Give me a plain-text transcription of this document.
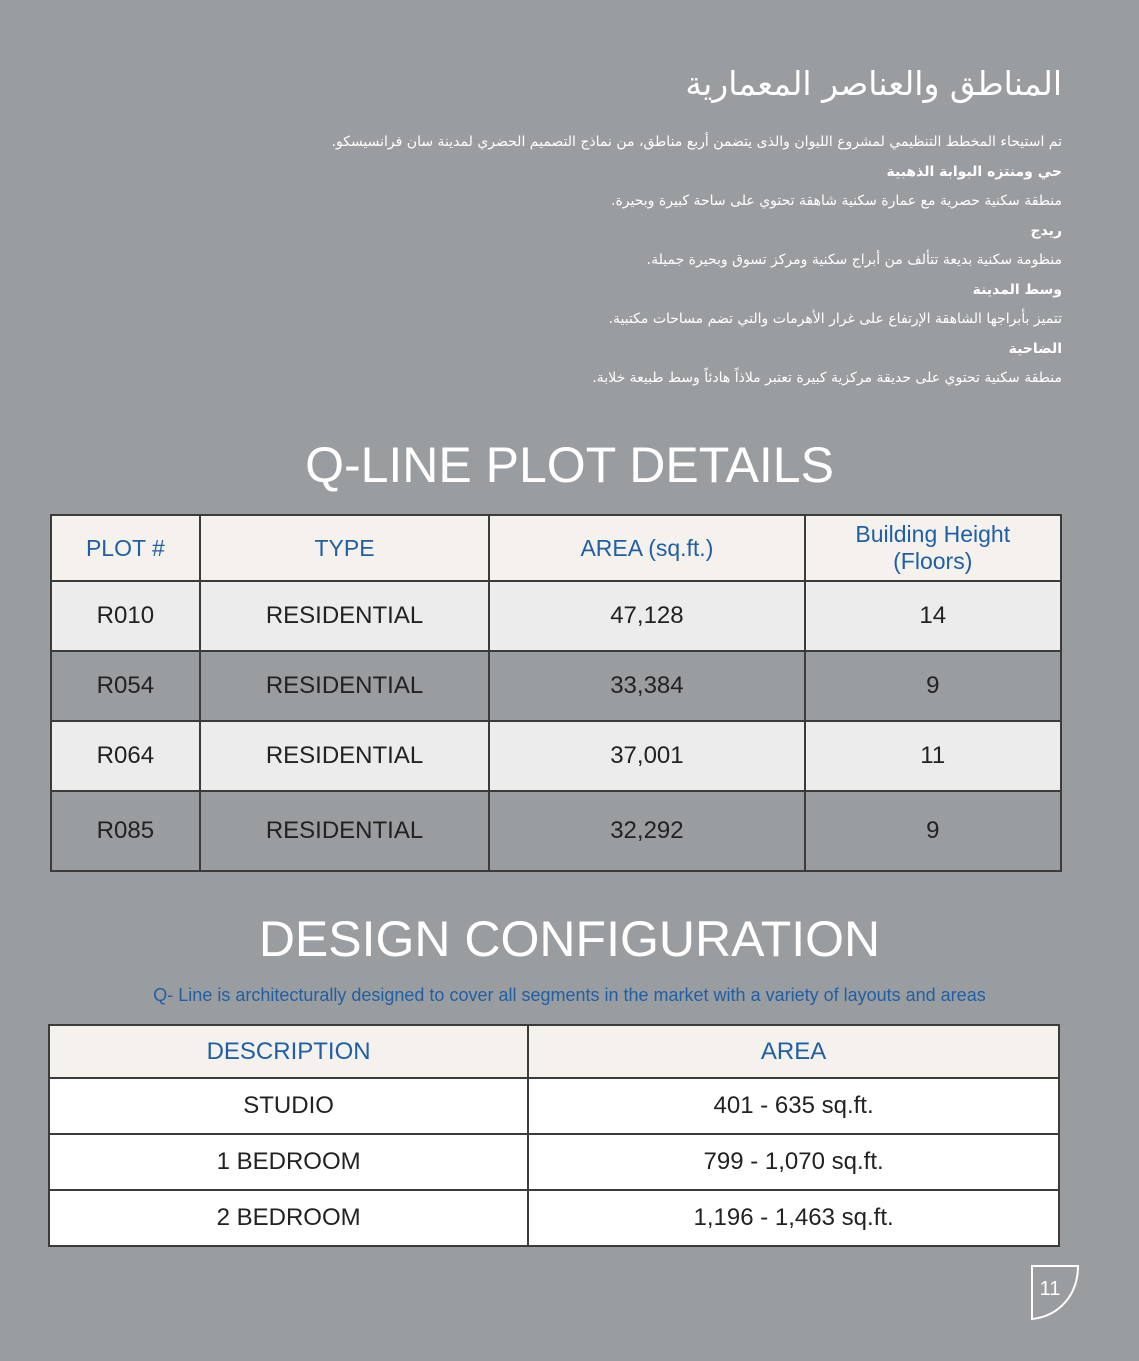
المناطق والعناصر المعمارية
تم استيحاء المخطط التنظيمي لمشروع الليوان والذى يتضمن أربع مناطق، من نماذج التصميم الحضري لمدينة سان فرانسيسكو.
حي ومنتزه البوابة الذهبية
منطقة سكنية حصرية مع عمارة سكنية شاهقة تحتوي على ساحة كبيرة وبحيرة.
ريدج
منظومة سكنية بديعة تتألف من أبراج سكنية ومركز تسوق وبحيرة جميلة.
وسط المدينة
تتميز بأبراجها الشاهقة الإرتفاع على غرار الأهرمات والتي تضم مساحات مكتبية.
الضاحية
منطقة سكنية تحتوي على حديقة مركزية كبيرة تعتبر ملاذاً هادئاً وسط طبيعة خلابة.
Q-LINE PLOT DETAILS
PLOT #	TYPE	AREA (sq.ft.)	Building Height
(Floors)

R010	RESIDENTIAL	47,128	14
R054	RESIDENTIAL	33,384	9
R064	RESIDENTIAL	37,001	11
R085	RESIDENTIAL	32,292	9
DESIGN CONFIGURATION
Q- Line is architecturally designed to cover all segments in the market with a variety of layouts and areas
DESCRIPTION	AREA
STUDIO	401 - 635 sq.ft.
1 BEDROOM	799 - 1,070 sq.ft.
2 BEDROOM	1,196 - 1,463 sq.ft.
11
